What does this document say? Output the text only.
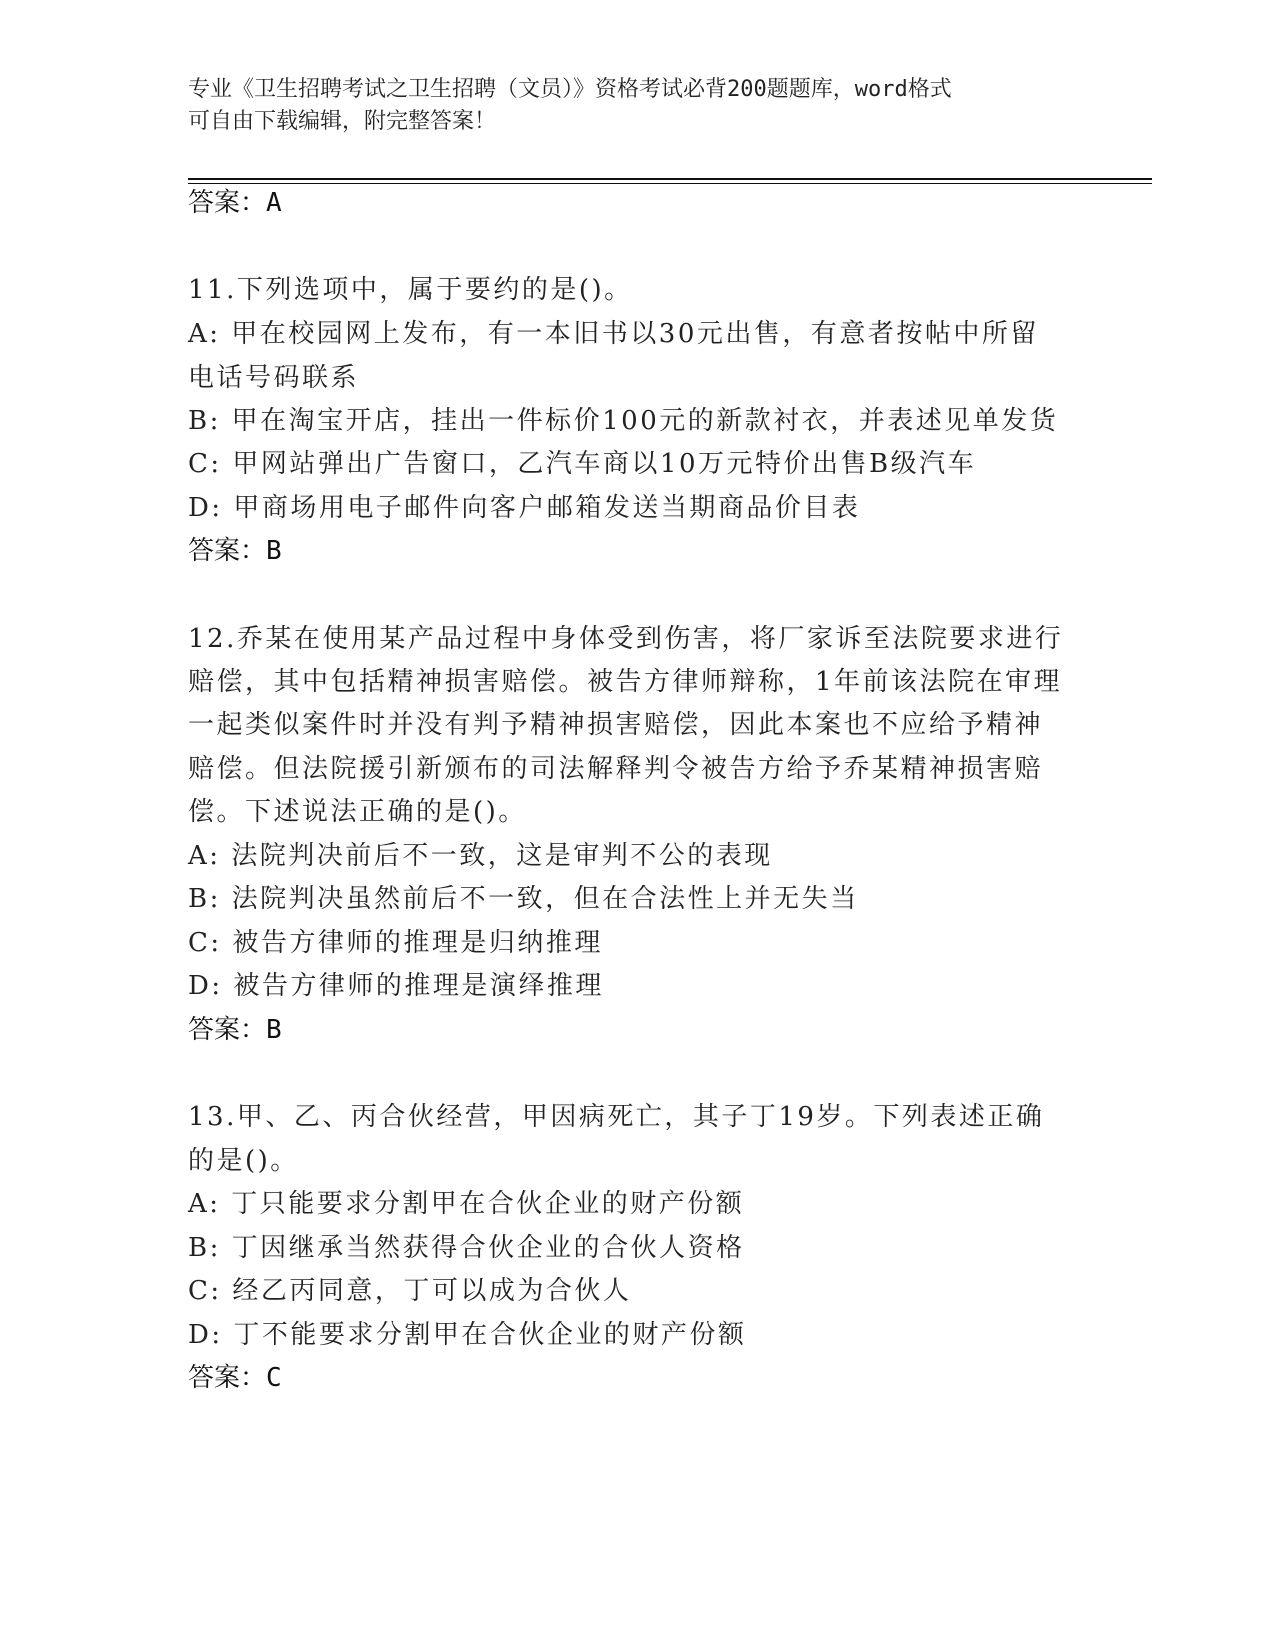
专业《卫生招聘考试之卫生招聘（文员）》资格考试必背200题题库，word格式
可自由下载编辑，附完整答案！
答案：A
11.下列选项中，属于要约的是()。
A: 甲在校园网上发布，有一本旧书以30元出售，有意者按帖中所留
电话号码联系
B: 甲在淘宝开店，挂出一件标价100元的新款衬衣，并表述见单发货
C: 甲网站弹出广告窗口，乙汽车商以10万元特价出售B级汽车
D: 甲商场用电子邮件向客户邮箱发送当期商品价目表
答案：B
12.乔某在使用某产品过程中身体受到伤害，将厂家诉至法院要求进行
赔偿，其中包括精神损害赔偿。被告方律师辩称，1年前该法院在审理
一起类似案件时并没有判予精神损害赔偿，因此本案也不应给予精神
赔偿。但法院援引新颁布的司法解释判令被告方给予乔某精神损害赔
偿。下述说法正确的是()。
A: 法院判决前后不一致，这是审判不公的表现
B: 法院判决虽然前后不一致，但在合法性上并无失当
C: 被告方律师的推理是归纳推理
D: 被告方律师的推理是演绎推理
答案：B
13.甲、乙、丙合伙经营，甲因病死亡，其子丁19岁。下列表述正确
的是()。
A: 丁只能要求分割甲在合伙企业的财产份额
B: 丁因继承当然获得合伙企业的合伙人资格
C: 经乙丙同意，丁可以成为合伙人
D: 丁不能要求分割甲在合伙企业的财产份额
答案：C
